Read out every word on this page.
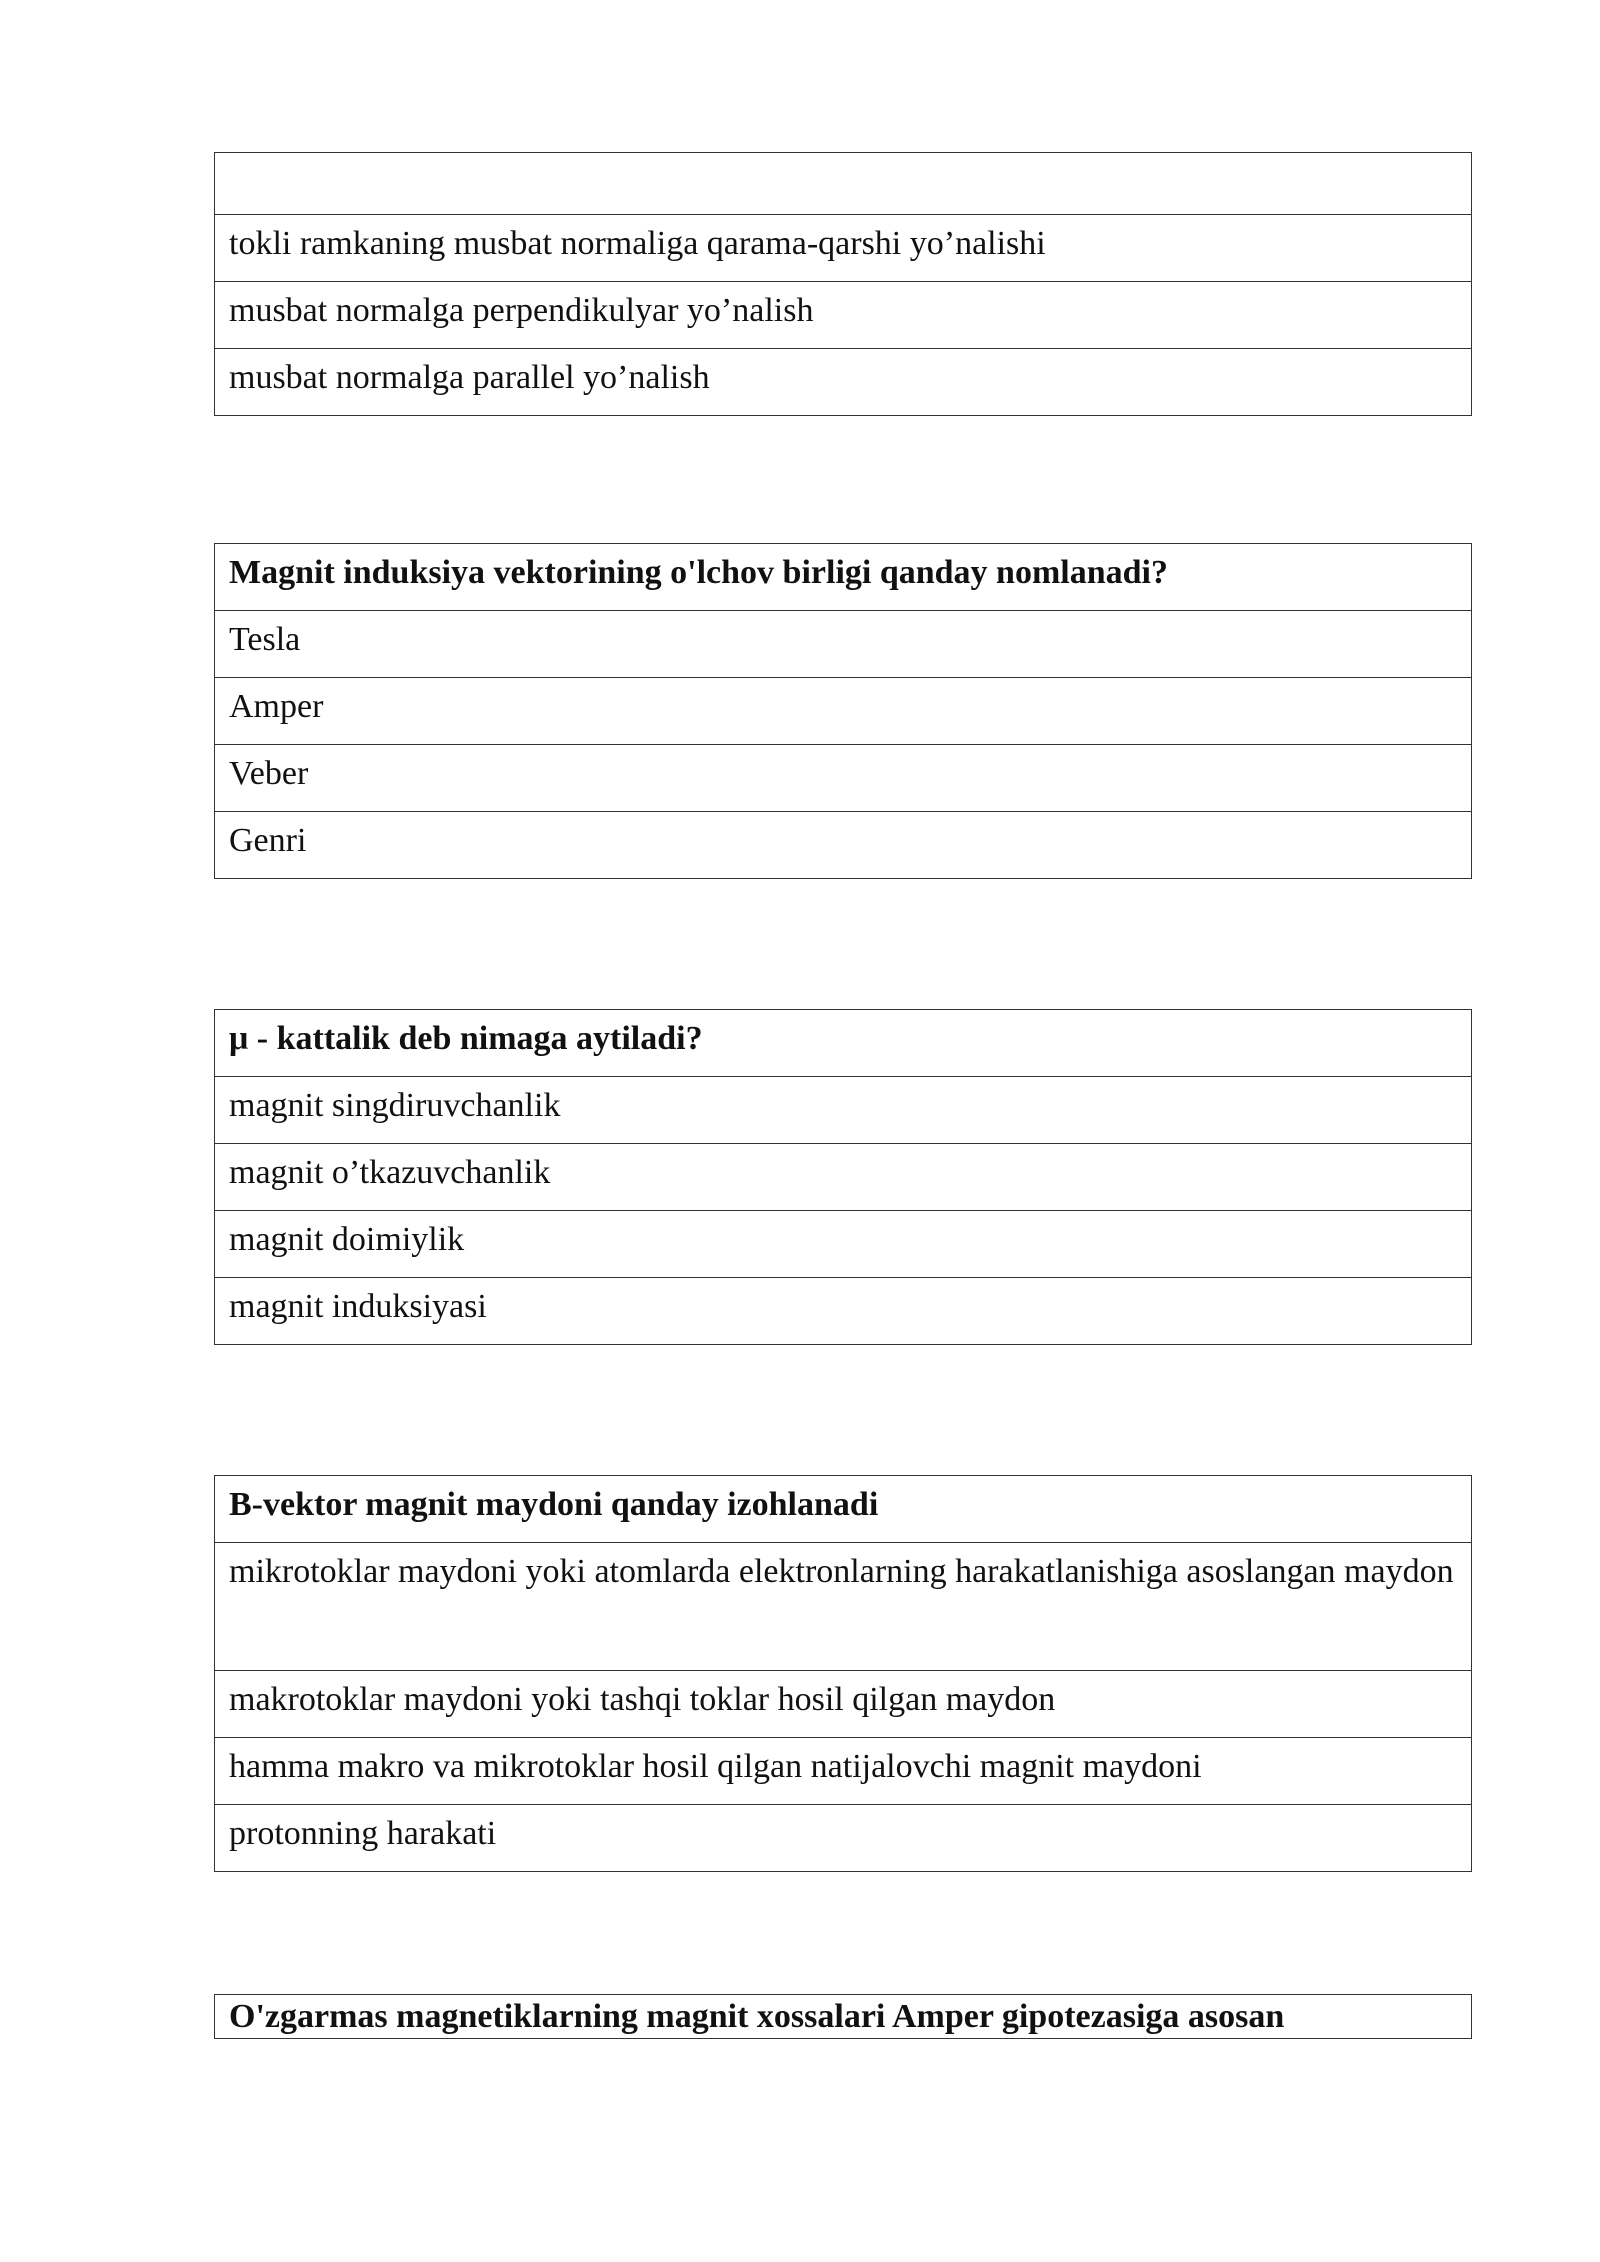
tokli ramkaning musbat normaliga qarama-qarshi yo’nalishi
musbat normalga perpendikulyar yo’nalish
musbat normalga parallel yo’nalish
Magnit induksiya vektorining o'lchov birligi qanday nomlanadi?
Tesla
Amper
Veber
Genri
μ - kattalik deb nimaga aytiladi?
magnit singdiruvchanlik
magnit o’tkazuvchanlik
magnit doimiylik
magnit induksiyasi
B-vektor magnit maydoni qanday izohlanadi
mikrotoklar maydoni yoki atomlarda elektronlarning harakatlanishiga asoslangan maydon
makrotoklar maydoni yoki tashqi toklar hosil qilgan maydon
hamma makro va mikrotoklar hosil qilgan natijalovchi magnit maydoni
protonning harakati
O'zgarmas magnetiklarning magnit xossalari Amper gipotezasiga asosan
